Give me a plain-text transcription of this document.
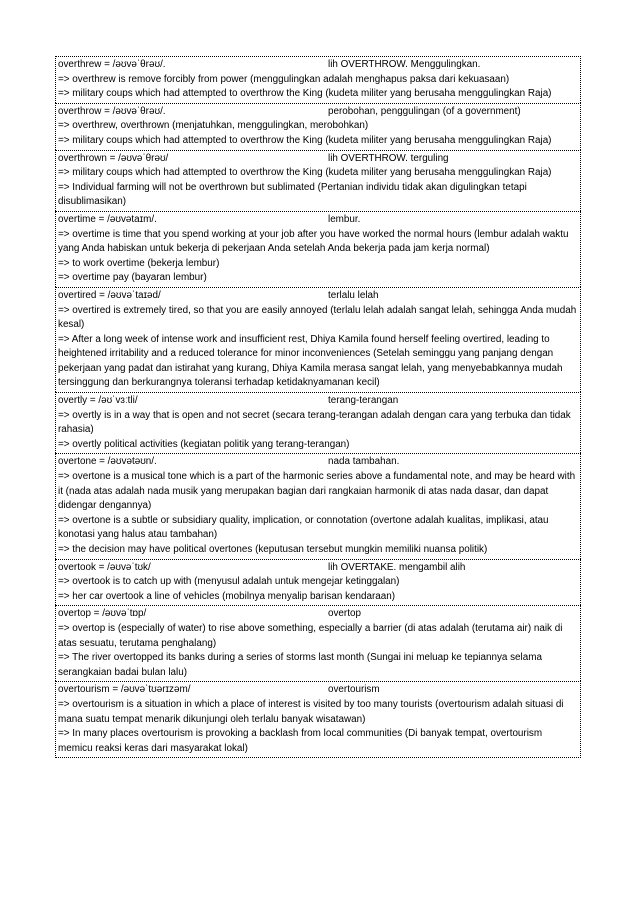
overthrew = /əʊvəˈθrəʊ/.	lih OVERTHROW. Menggulingkan.
=> overthrew is remove forcibly from power (menggulingkan adalah menghapus paksa dari kekuasaan)
=> military coups which had attempted to overthrow the King (kudeta militer yang berusaha menggulingkan Raja)
overthrow = /əʊvəˈθrəʊ/.	perobohan, penggulingan (of a government)
=> overthrew, overthrown (menjatuhkan, menggulingkan, merobohkan)
=> military coups which had attempted to overthrow the King (kudeta militer yang berusaha menggulingkan Raja)
overthrown = /əʊvəˈθrəʊ/	lih OVERTHROW. terguling
=> military coups which had attempted to overthrow the King (kudeta militer yang berusaha menggulingkan Raja)
=> Individual farming will not be overthrown but sublimated (Pertanian individu tidak akan digulingkan tetapi disublimasikan)
overtime = /əʊvətaɪm/.	lembur.
=> overtime is time that you spend working at your job after you have worked the normal hours (lembur adalah waktu yang Anda habiskan untuk bekerja di pekerjaan Anda setelah Anda bekerja pada jam kerja normal)
=> to work overtime (bekerja lembur)
=> overtime pay (bayaran lembur)
overtired = /əʊvəˈtaɪəd/	terlalu lelah
=> overtired is extremely tired, so that you are easily annoyed (terlalu lelah adalah sangat lelah, sehingga Anda mudah kesal)
=> After a long week of intense work and insufficient rest, Dhiya Kamila found herself feeling overtired, leading to heightened irritability and a reduced tolerance for minor inconveniences (Setelah seminggu yang panjang dengan pekerjaan yang padat dan istirahat yang kurang, Dhiya Kamila merasa sangat lelah, yang menyebabkannya mudah tersinggung dan berkurangnya toleransi terhadap ketidaknyamanan kecil)
overtly = /əʊˈvɜːtli/	terang-terangan
=> overtly is in a way that is open and not secret (secara terang-terangan adalah dengan cara yang terbuka dan tidak rahasia)
=> overtly political activities (kegiatan politik yang terang-terangan)
overtone = /əʊvətəʊn/.	nada tambahan.
=> overtone is a musical tone which is a part of the harmonic series above a fundamental note, and may be heard with it (nada atas adalah nada musik yang merupakan bagian dari rangkaian harmonik di atas nada dasar, dan dapat didengar dengannya)
=> overtone is a subtle or subsidiary quality, implication, or connotation (overtone adalah kualitas, implikasi, atau konotasi yang halus atau tambahan)
=> the decision may have political overtones (keputusan tersebut mungkin memiliki nuansa politik)
overtook = /əʊvəˈtʊk/	lih OVERTAKE. mengambil alih
=> overtook is to catch up with (menyusul adalah untuk mengejar ketinggalan)
=> her car overtook a line of vehicles (mobilnya menyalip barisan kendaraan)
overtop = /əʊvəˈtɒp/	overtop
=> overtop is (especially of water) to rise above something, especially a barrier (di atas adalah (terutama air) naik di atas sesuatu, terutama penghalang)
=> The river overtopped its banks during a series of storms last month (Sungai ini meluap ke tepiannya selama serangkaian badai bulan lalu)
overtourism = /əʊvəˈtʊərɪzəm/	overtourism
=> overtourism is a situation in which a place of interest is visited by too many tourists (overtourism adalah situasi di mana suatu tempat menarik dikunjungi oleh terlalu banyak wisatawan)
=> In many places overtourism is provoking a backlash from local communities (Di banyak tempat, overtourism memicu reaksi keras dari masyarakat lokal)
